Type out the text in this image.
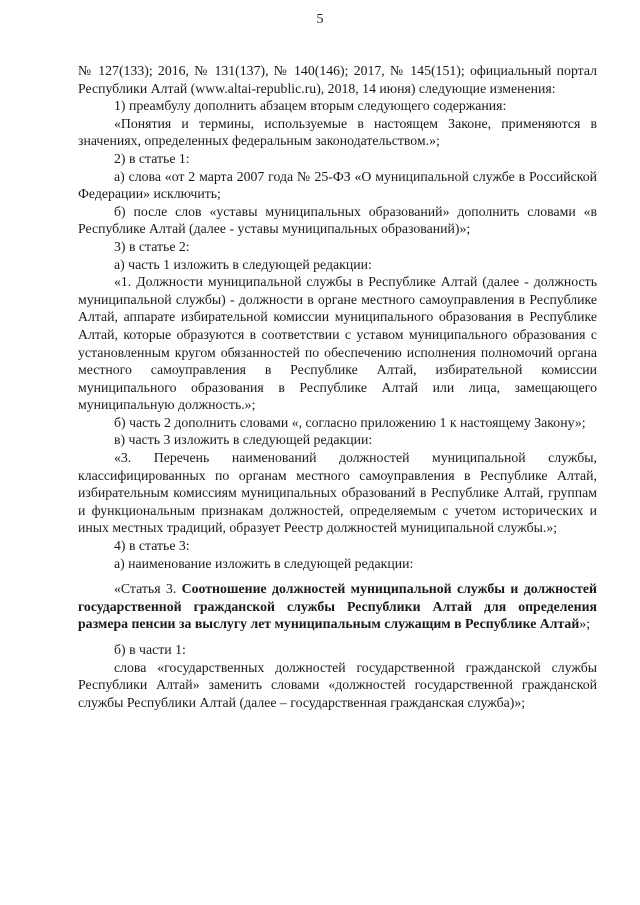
5

№ 127(133); 2016, № 131(137), № 140(146); 2017, № 145(151); официальный портал Республики Алтай (www.altai-republic.ru), 2018, 14 июня) следующие изменения:

1) преамбулу дополнить абзацем вторым следующего содержания:

«Понятия и термины, используемые в настоящем Законе, применяются в значениях, определенных федеральным законодательством.»;

2) в статье 1:

а) слова «от 2 марта 2007 года № 25-ФЗ «О муниципальной службе в Российской Федерации» исключить;

б) после слов «уставы муниципальных образований» дополнить словами «в Республике Алтай (далее - уставы муниципальных образований)»;

3) в статье 2:

а) часть 1 изложить в следующей редакции:

«1. Должности муниципальной службы в Республике Алтай (далее - должность муниципальной службы) - должности в органе местного самоуправления в Республике Алтай, аппарате избирательной комиссии муниципального образования в Республике Алтай, которые образуются в соответствии с уставом муниципального образования с установленным кругом обязанностей по обеспечению исполнения полномочий органа местного самоуправления в Республике Алтай, избирательной комиссии муниципального образования в Республике Алтай или лица, замещающего муниципальную должность.»;

б) часть 2 дополнить словами «, согласно приложению 1 к настоящему Закону»;

в) часть 3 изложить в следующей редакции:

«3. Перечень наименований должностей муниципальной службы, классифицированных по органам местного самоуправления в Республике Алтай, избирательным комиссиям муниципальных образований в Республике Алтай, группам и функциональным признакам должностей, определяемым с учетом исторических и иных местных традиций, образует Реестр должностей муниципальной службы.»;

4) в статье 3:

а) наименование изложить в следующей редакции:

«Статья 3. Соотношение должностей муниципальной службы и должностей государственной гражданской службы Республики Алтай для определения размера пенсии за выслугу лет муниципальным служащим в Республике Алтай»;

б) в части 1:

слова «государственных должностей государственной гражданской службы Республики Алтай» заменить словами «должностей государственной гражданской службы Республики Алтай (далее – государственная гражданская служба)»;
